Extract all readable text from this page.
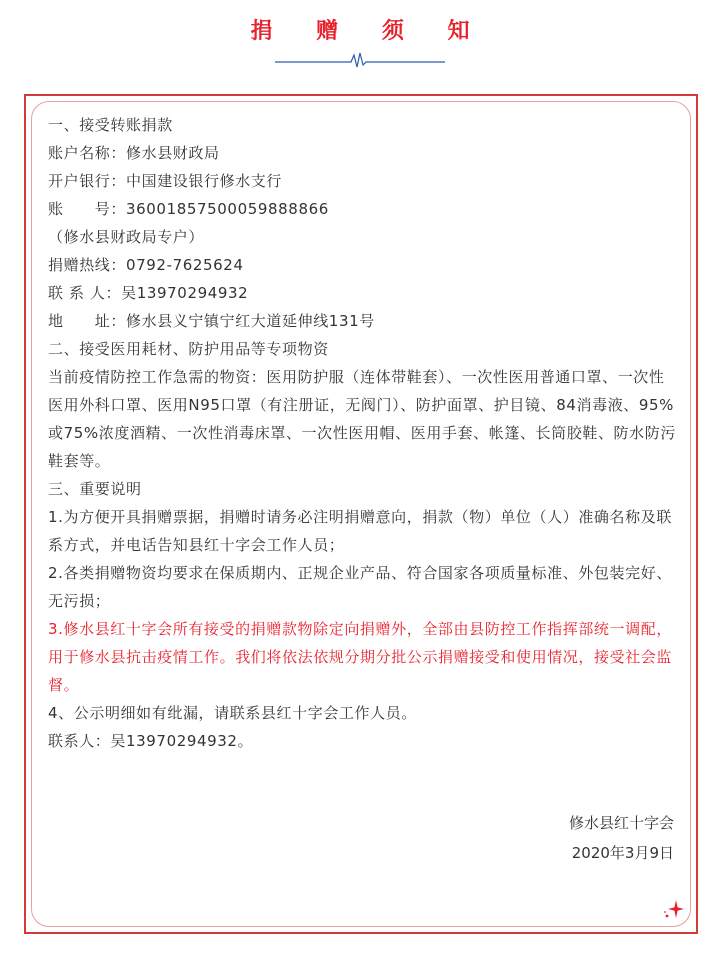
捐 赠 须 知

一、接受转账捐款

账户名称：修水县财政局

开户银行：中国建设银行修水支行

账　　号：36001857500059888866

（修水县财政局专户）

捐赠热线：0792-7625624

联 系 人：吴13970294932

地　　址：修水县义宁镇宁红大道延伸线131号

二、接受医用耗材、防护用品等专项物资

当前疫情防控工作急需的物资：医用防护服（连体带鞋套）、一次性医用普通口罩、一次性医用外科口罩、医用N95口罩（有注册证，无阀门）、防护面罩、护目镜、84消毒液、95%或75%浓度酒精、一次性消毒床罩、一次性医用帽、医用手套、帐篷、长筒胶鞋、防水防污鞋套等。

三、重要说明

1.为方便开具捐赠票据，捐赠时请务必注明捐赠意向，捐款（物）单位（人）准确名称及联系方式，并电话告知县红十字会工作人员；

2.各类捐赠物资均要求在保质期内、正规企业产品、符合国家各项质量标准、外包装完好、无污损；

3.修水县红十字会所有接受的捐赠款物除定向捐赠外，全部由县防控工作指挥部统一调配，用于修水县抗击疫情工作。我们将依法依规分期分批公示捐赠接受和使用情况，接受社会监督。

4、公示明细如有纰漏，请联系县红十字会工作人员。

联系人：吴13970294932。

修水县红十字会
2020年3月9日
